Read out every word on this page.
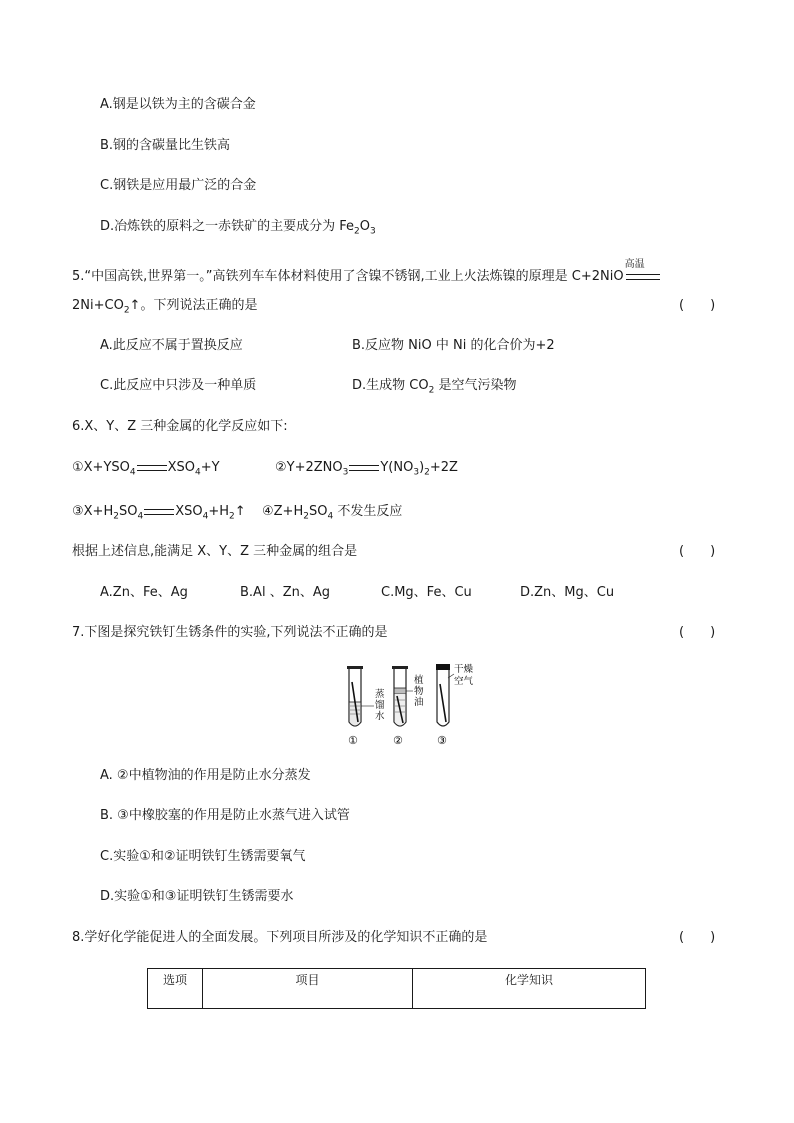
A.钢是以铁为主的含碳合金
B.钢的含碳量比生铁高
C.钢铁是应用最广泛的合金
D.冶炼铁的原料之一赤铁矿的主要成分为 $Fe_2O_3$
5.“中国高铁,世界第一。”高铁列车车体材料使用了含镍不锈钢,工业上火法炼镍的原理是 C+2NiO
高温
$2Ni+CO_2↑$。下列说法正确的是	(　　)
A.此反应不属于置换反应	B.反应物 NiO 中 Ni 的化合价为+2
C.此反应中只涉及一种单质	D.生成物 $CO_2$ 是空气污染物
6.X、Y、Z 三种金属的化学反应如下:
$①X+YSO_4$ $XSO_4+Y$	$②Y+2ZNO_3$ $Y(NO_3)_2+2Z$
$③X+H_2SO_4$ $XSO_4+H_2↑$ $④Z+H_2SO_4$ 不发生反应
根据上述信息,能满足 X、Y、Z 三种金属的组合是	(　　)
A.Zn、Fe、Ag	B.Al 、Zn、Ag	C.Mg、Fe、Cu	D.Zn、Mg、Cu
7.下图是探究铁钉生锈条件的实验,下列说法不正确的是	(　　)
蒸
馏
水
植
物
油
干燥
空气
①	②	③
A. ②中植物油的作用是防止水分蒸发
B. ③中橡胶塞的作用是防止水蒸气进入试管
C.实验①和②证明铁钉生锈需要氧气
D.实验①和③证明铁钉生锈需要水
8.学好化学能促进人的全面发展。下列项目所涉及的化学知识不正确的是	(　　)
选项	项目	化学知识
